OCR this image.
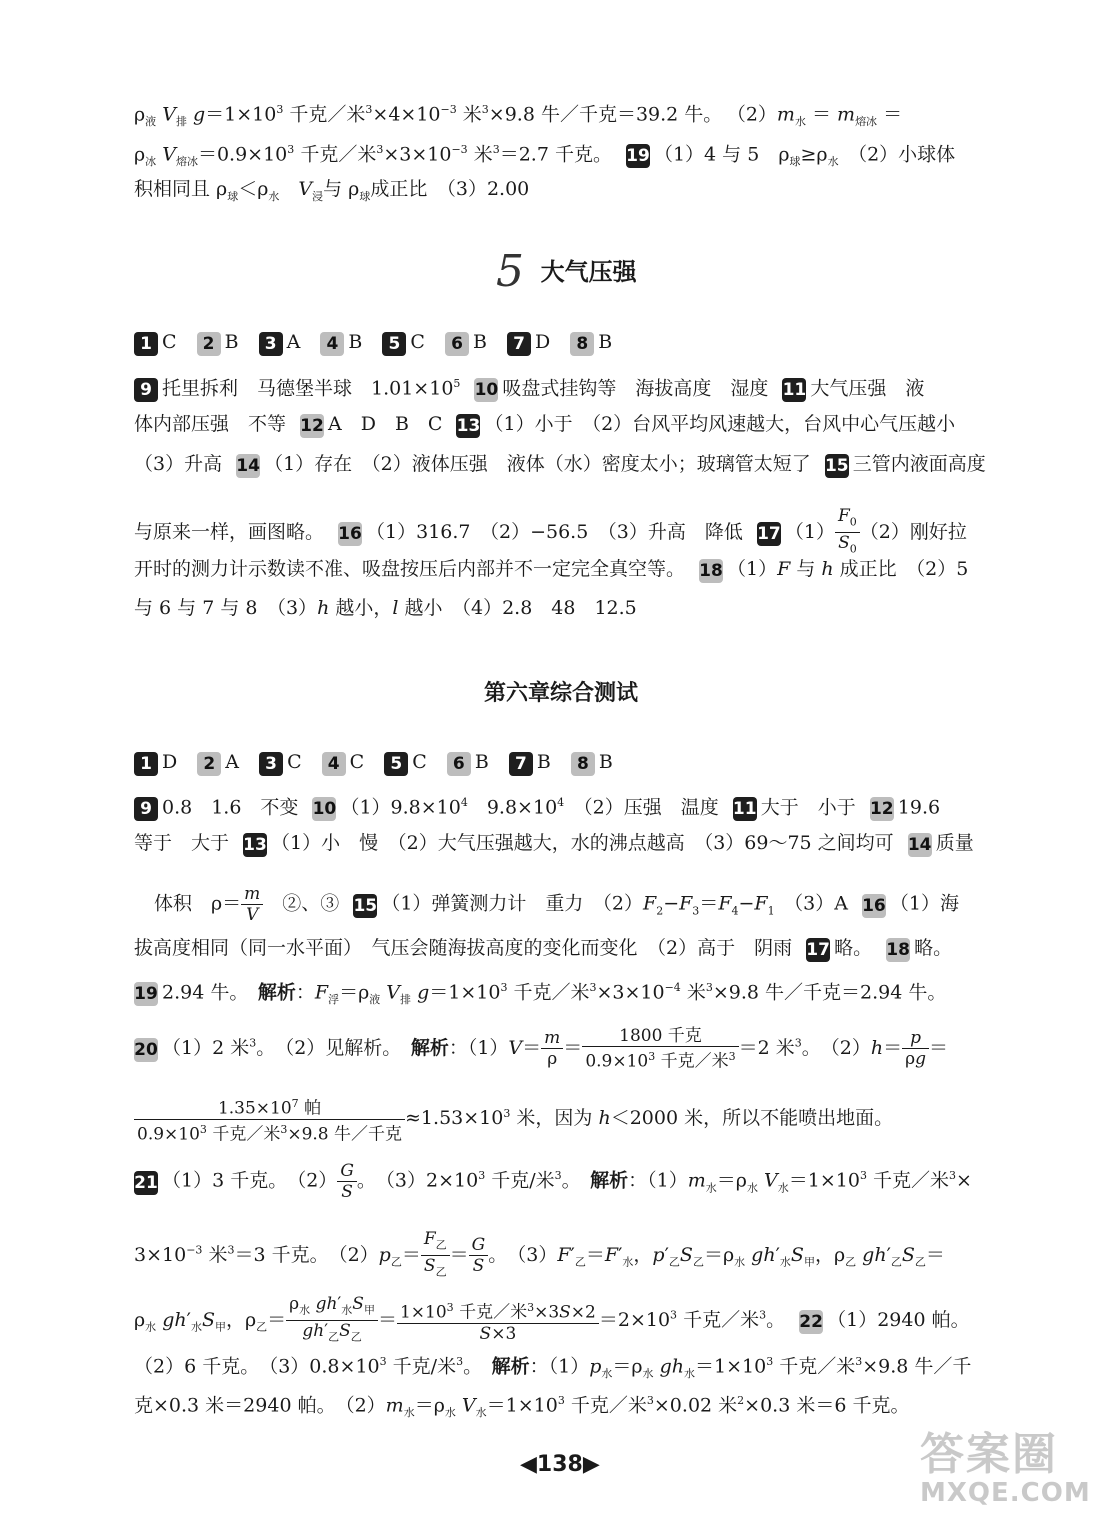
$\rho_液$ $V_排$ $g=1\times 10^3$ 千克／米$^3\times 4\times 10^{-3}$ 米$^3$×9.8 牛／千克＝39.2 牛。 $(2)m_水 = m_{熔冰}$ ＝
$\rho_冰$ $V_{熔冰}=0.9\times 10^3$ 千克／米$^3\times 3\times 10^{-3}$ 米$^3$＝2.7 千克。 19 （1）4 与 5　$\rho_球\ge\rho_水$　（2）小球体
积相同且 $\rho_球<\rho_水$　 $V_浸$与 $\rho_球$成正比　（3）2.00
5 大气压强
1 C 2 B 3 A 4 B 5 C 6 B 7 D 8 B
9 托里拆利　马德堡半球　$1.01\times 10^5$ 10 吸盘式挂钩等　海拔高度　湿度 11 大气压强　液
体内部压强　不等 12 A　D　B　C 13 （1）小于　（2）台风平均风速越大，台风中心气压越小
（3）升高 14 （1）存在　（2）液体压强　液体（水）密度太小；玻璃管太短了 15 三管内液面高度
与原来一样，画图略。 16 （1）316.7　（2）−56.5　（3）升高　降低 17 $(1) \frac{F_0}{S_0} (2)$刚好拉
开时的测力计示数读不准、吸盘按压后内部并不一定完全真空等。 18 （1）F 与 h 成正比　（2）5
与 6 与 7 与 8　（3）h 越小，l 越小　（4）2.8　48　12.5
第六章综合测试
1 D 2 A 3 C 4 C 5 C 6 B 7 B 8 B
9 0.8　1.6　不变 10 $(1)9.8\times 10^4$　$9.8\times 10^4$　（2）压强　温度 11 大于　小于 12 19.6
等于　大于 13 （1）小　慢　（2）大气压强越大，水的沸点越高　（3）69～75 之间均可 14 质量
体积　$\rho= \frac{m}{V}$ 　②、③ 15 （1）弹簧测力计　重力　$(2)F_2-F_3=F_4-F_1$　（3）A 16 （1）海
拔高度相同（同一水平面）　气压会随海拔高度的变化而变化　（2）高于　阴雨 17 略。 18 略。
19 2.94 牛。　解析：$F_浮=\rho_液$ $V_排$ $g=1\times 10^3$ 千克／米$^3\times 3\times 10^{-4}$ 米$^3$×9.8 牛／千克＝2.94 牛。
20 （1）2 米$^3$。　（2）见解析。　解析：$(1)V= \frac{m}{\rho} = \frac{\text{1800 千克}}{0.9\times 10^3 千克/米^3} =2$ 米$^3$。　$(2)h= \frac{p}{\rho g}$ ＝
$\frac{1.35\times 10^7 帕}{0.9\times 10^3 千克/米^3\times 9.8 牛/千克} \approx 1.53\times 10^3$ 米，因为 h＜2000 米，所以不能喷出地面。
21 （1）3 千克。　$(2) \frac{G}{S}$ 。　$(3)2\times 10^3$ 千克/米$^3$。　解析：$(1)m_水=\rho_水$ $V_水=1\times 10^3$ 千克／米$^3$×
$3\times 10^{-3}$ 米$^3$＝3 千克。　$(2)p_乙= \frac{F_乙}{S_乙} = \frac{G}{S}$ 。　$(3)F'_乙=F'_水$，$p'_乙S_乙=\rho_水$ $gh'_水S_甲$，$\rho_乙$ $gh'_乙S_乙=$
$\rho_水$ $gh'_水S_甲$，$\rho_乙= \frac{\rho_水 gh'_水S_甲}{gh'_乙S_乙} = \frac{1\times 10^3 千克/米^3\times 3S\times 2}{S\times 3} =2\times 10^3$ 千克／米$^3$。 22 （1）2940 帕。
（2）6 千克。　$(3)0.8\times 10^3$ 千克/米$^3$。　解析：$(1)p_水=\rho_水$ $gh_水=1\times 10^3$ 千克／米$^3$×9.8 牛／千
克×0.3 米＝2940 帕。　$(2)m_水=\rho_水$ $V_水=1\times 10^3$ 千克／米$^3$×0.02 米$^2$×0.3 米＝6 千克。
◀138▶	答案圈
MXQE.COM
